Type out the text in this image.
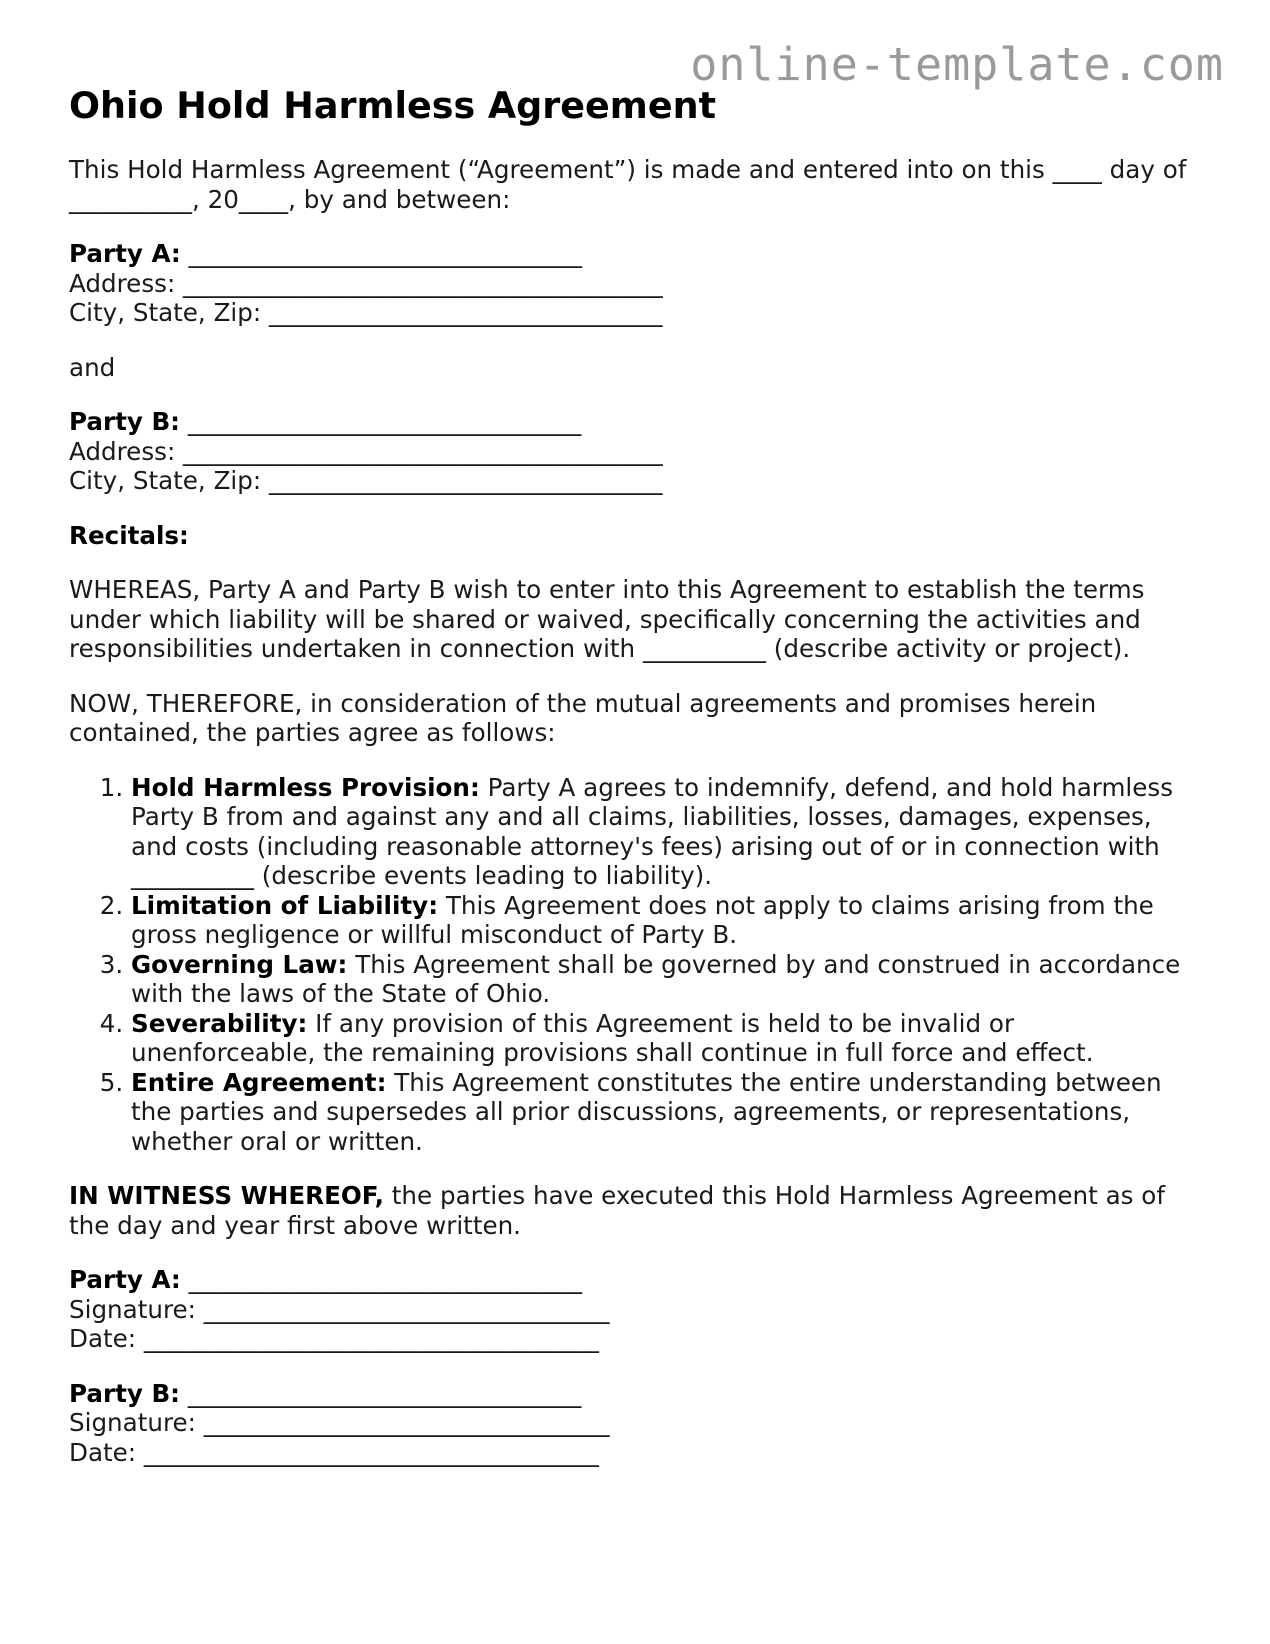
online-template.com
Ohio Hold Harmless Agreement

This Hold Harmless Agreement (“Agreement”) is made and entered into on this ____ day of
__________, 20____, by and between:

Party A: ________________________________
Address: _______________________________________
City, State, Zip: ________________________________

and

Party B: ________________________________
Address: _______________________________________
City, State, Zip: ________________________________

Recitals:

WHEREAS, Party A and Party B wish to enter into this Agreement to establish the terms
under which liability will be shared or waived, specifically concerning the activities and
responsibilities undertaken in connection with __________ (describe activity or project).

NOW, THEREFORE, in consideration of the mutual agreements and promises herein
contained, the parties agree as follows:

1. Hold Harmless Provision: Party A agrees to indemnify, defend, and hold harmless
Party B from and against any and all claims, liabilities, losses, damages, expenses,
and costs (including reasonable attorney's fees) arising out of or in connection with
__________ (describe events leading to liability).
2. Limitation of Liability: This Agreement does not apply to claims arising from the
gross negligence or willful misconduct of Party B.
3. Governing Law: This Agreement shall be governed by and construed in accordance
with the laws of the State of Ohio.
4. Severability: If any provision of this Agreement is held to be invalid or
unenforceable, the remaining provisions shall continue in full force and effect.
5. Entire Agreement: This Agreement constitutes the entire understanding between
the parties and supersedes all prior discussions, agreements, or representations,
whether oral or written.

IN WITNESS WHEREOF, the parties have executed this Hold Harmless Agreement as of
the day and year first above written.

Party A: ________________________________
Signature: _________________________________
Date: _____________________________________
Party B: ________________________________
Signature: _________________________________
Date: _____________________________________
